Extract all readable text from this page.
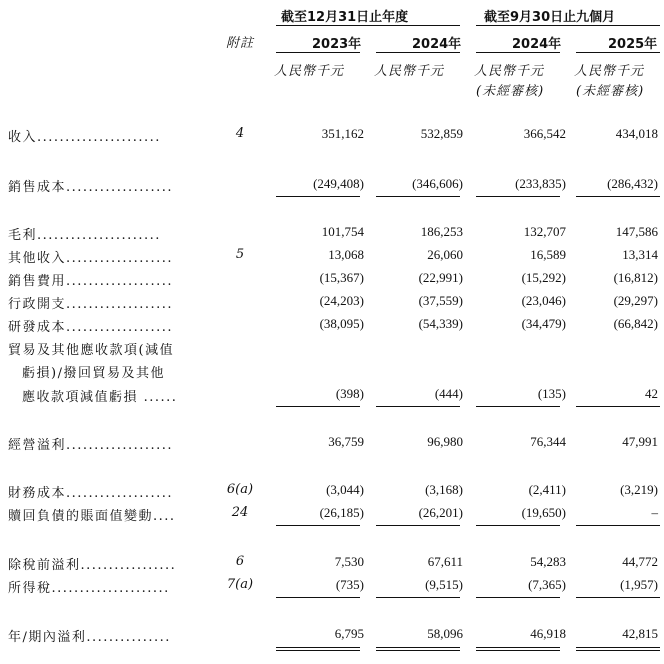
截至12月31日止年度	截至9月30日止九個月
附註	2023年	2024年	2024年	2025年
人民幣千元 人民幣千元 人民幣千元 人民幣千元
(未經審核) (未經審核)
收入......................	4	351,162	532,859	366,542	434,018
銷售成本...................	(249,408)	(346,606)	(233,835)	(286,432)
毛利......................	101,754	186,253	132,707	147,586
其他收入...................	5	13,068	26,060	16,589	13,314
銷售費用...................	(15,367)	(22,991)	(15,292)	(16,812)
行政開支...................	(24,203)	(37,559)	(23,046)	(29,297)
研發成本...................	(38,095)	(54,339)	(34,479)	(66,842)
貿易及其他應收款項(減值
虧損)/撥回貿易及其他
應收款項減值虧損 ......	(398)	(444)	(135)	42
經營溢利...................	36,759	96,980	76,344	47,991
財務成本...................	6(a)	(3,044)	(3,168)	(2,411)	(3,219)
贖回負債的賬面值變動....	24	(26,185)	(26,201)	(19,650)	–
除稅前溢利.................	6	7,530	67,611	54,283	44,772
所得稅.....................	7(a)	(735)	(9,515)	(7,365)	(1,957)
年/期內溢利...............	6,795	58,096	46,918	42,815
